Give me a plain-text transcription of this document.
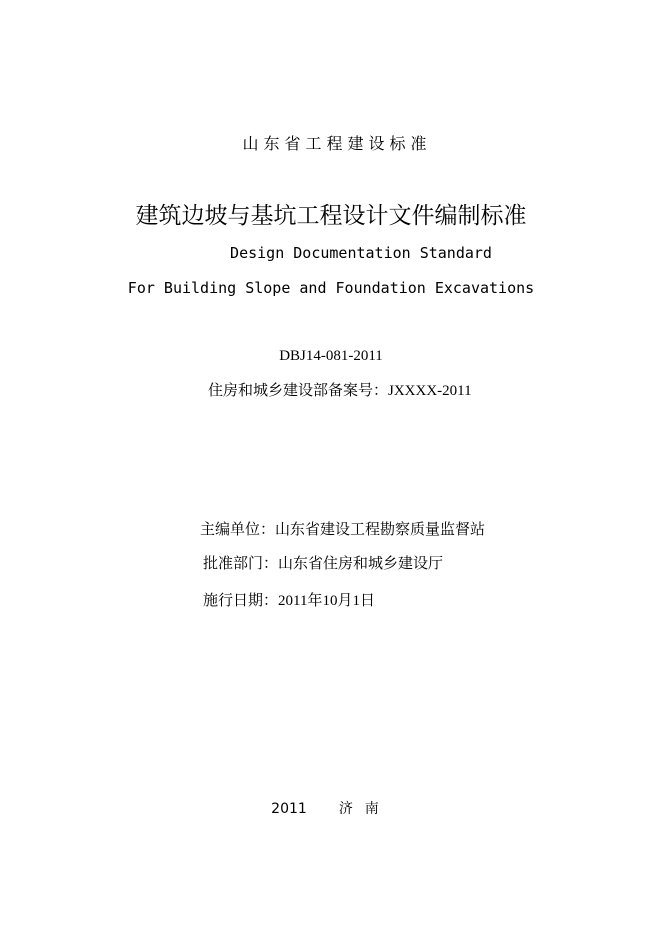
山东省工程建设标准
建筑边坡与基坑工程设计文件编制标准
Design Documentation Standard
For Building Slope and Foundation Excavations
DBJ14-081-2011
住房和城乡建设部备案号：JXXXX-2011
主编单位：山东省建设工程勘察质量监督站
批准部门：山东省住房和城乡建设厅
施行日期：2011年10月1日
2011 济南
